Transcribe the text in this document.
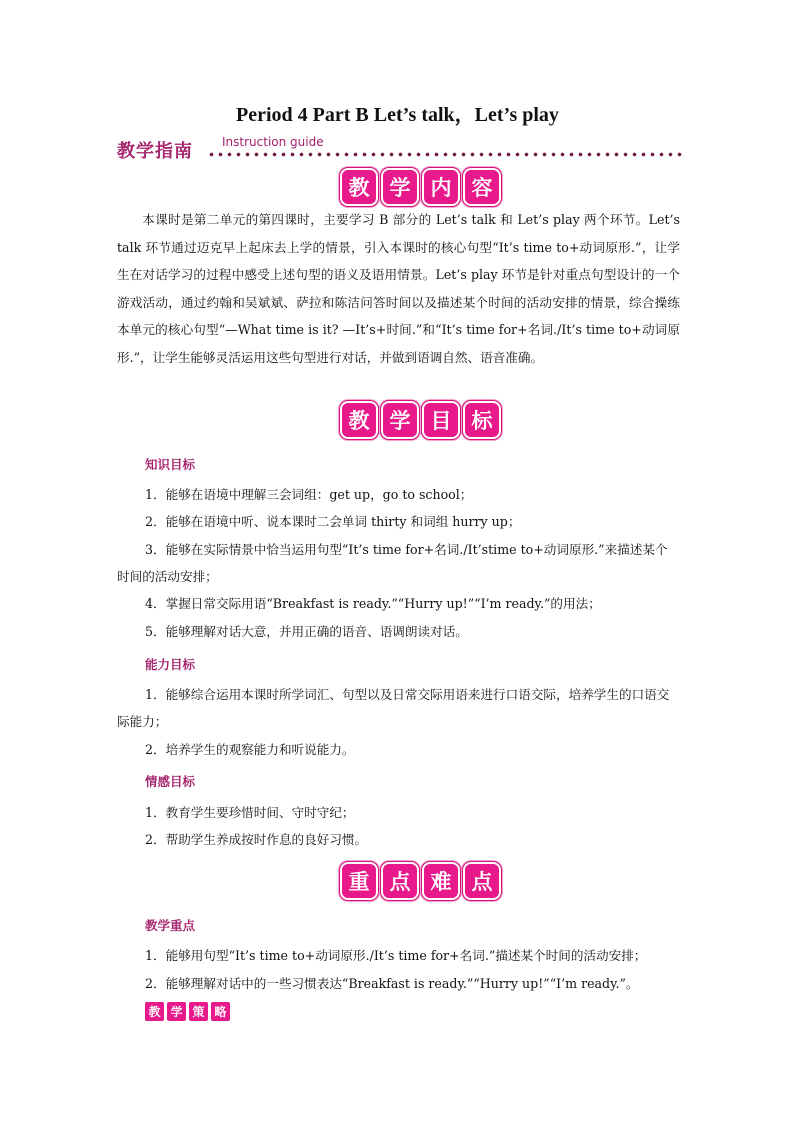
Period 4 Part B Let’s talk，Let’s play
教学指南 Instruction guide
教 学 内 容

本课时是第二单元的第四课时，主要学习 B 部分的 Let’s talk 和 Let’s play 两个环节。Let’s talk 环节通过迈克早上起床去上学的情景，引入本课时的核心句型“It’s time to+动词原形.”，让学生在对话学习的过程中感受上述句型的语义及语用情景。Let’s play 环节是针对重点句型设计的一个游戏活动，通过约翰和吴斌斌、萨拉和陈洁问答时间以及描述某个时间的活动安排的情景，综合操练本单元的核心句型“—What time is it? —It’s+时间.”和“It’s time for+名词./It’s time to+动词原形.”，让学生能够灵活运用这些句型进行对话，并做到语调自然、语音准确。

教 学 目 标
知识目标
1．能够在语境中理解三会词组：get up，go to school；
2．能够在语境中听、说本课时二会单词 thirty 和词组 hurry up；
3．能够在实际情景中恰当运用句型“It’s time for+名词./It’stime to+动词原形.”来描述某个时间的活动安排；
4．掌握日常交际用语“Breakfast is ready.”“Hurry up!”“I’m ready.”的用法；
5．能够理解对话大意，并用正确的语音、语调朗读对话。
能力目标
1．能够综合运用本课时所学词汇、句型以及日常交际用语来进行口语交际，培养学生的口语交际能力；
2．培养学生的观察能力和听说能力。
情感目标
1．教育学生要珍惜时间、守时守纪；
2．帮助学生养成按时作息的良好习惯。
重 点 难 点
教学重点
1．能够用句型“It’s time to+动词原形./It’s time for+名词.”描述某个时间的活动安排；
2．能够理解对话中的一些习惯表达“Breakfast is ready.”“Hurry up!”“I’m ready.”。
教 学 策 略
